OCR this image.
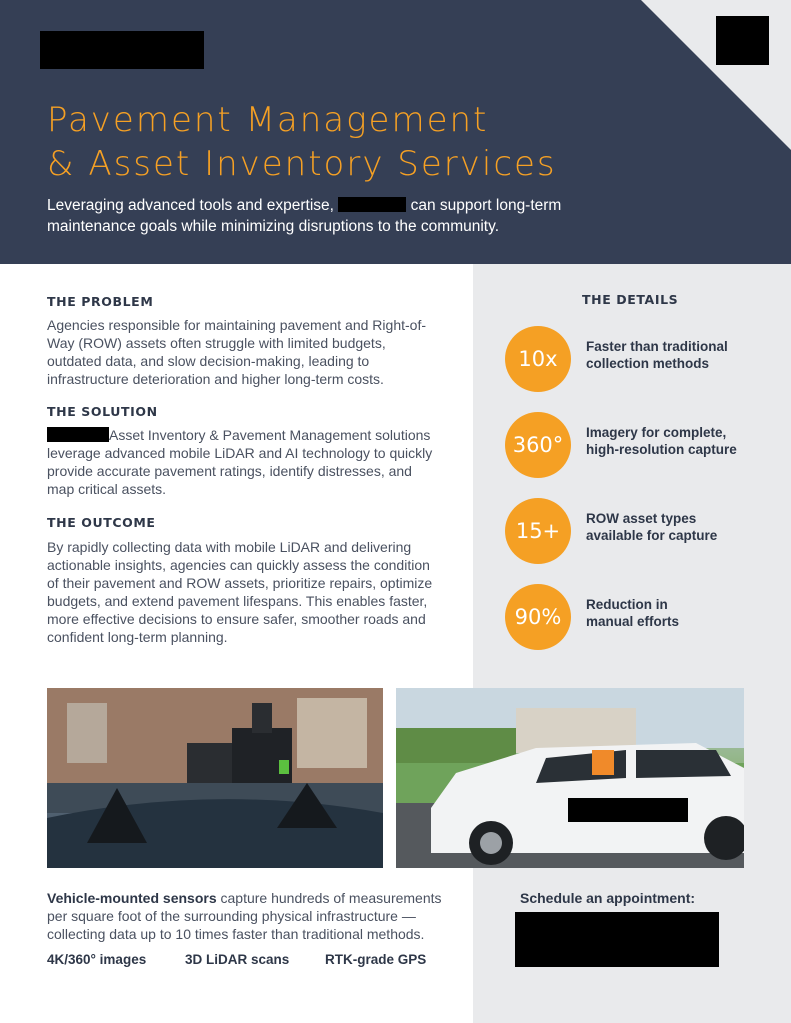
Pavement Management
& Asset Inventory Services

Leveraging advanced tools and expertise,	can support long-term maintenance goals while minimizing disruptions to the community.

THE PROBLEM

Agencies responsible for maintaining pavement and Right-of-Way (ROW) assets often struggle with limited budgets, outdated data, and slow decision-making, leading to infrastructure deterioration and higher long-term costs.

THE SOLUTION

Asset Inventory & Pavement Management solutions leverage advanced mobile LiDAR and AI technology to quickly provide accurate pavement ratings, identify distresses, and map critical assets.

THE OUTCOME

By rapidly collecting data with mobile LiDAR and delivering actionable insights, agencies can quickly assess the condition of their pavement and ROW assets, prioritize repairs, optimize budgets, and extend pavement lifespans. This enables faster, more effective decisions to ensure safer, smoother roads and confident long-term planning.

THE DETAILS
10x
Faster than traditional
collection methods
360°
Imagery for complete,
high-resolution capture
15+
ROW asset types
available for capture
90%
Reduction in
manual efforts

Vehicle-mounted sensors capture hundreds of measurements per square foot of the surrounding physical infrastructure — collecting data up to 10 times faster than traditional methods.

4K/360° images	3D LiDAR scans	RTK-grade GPS
Schedule an appointment:
